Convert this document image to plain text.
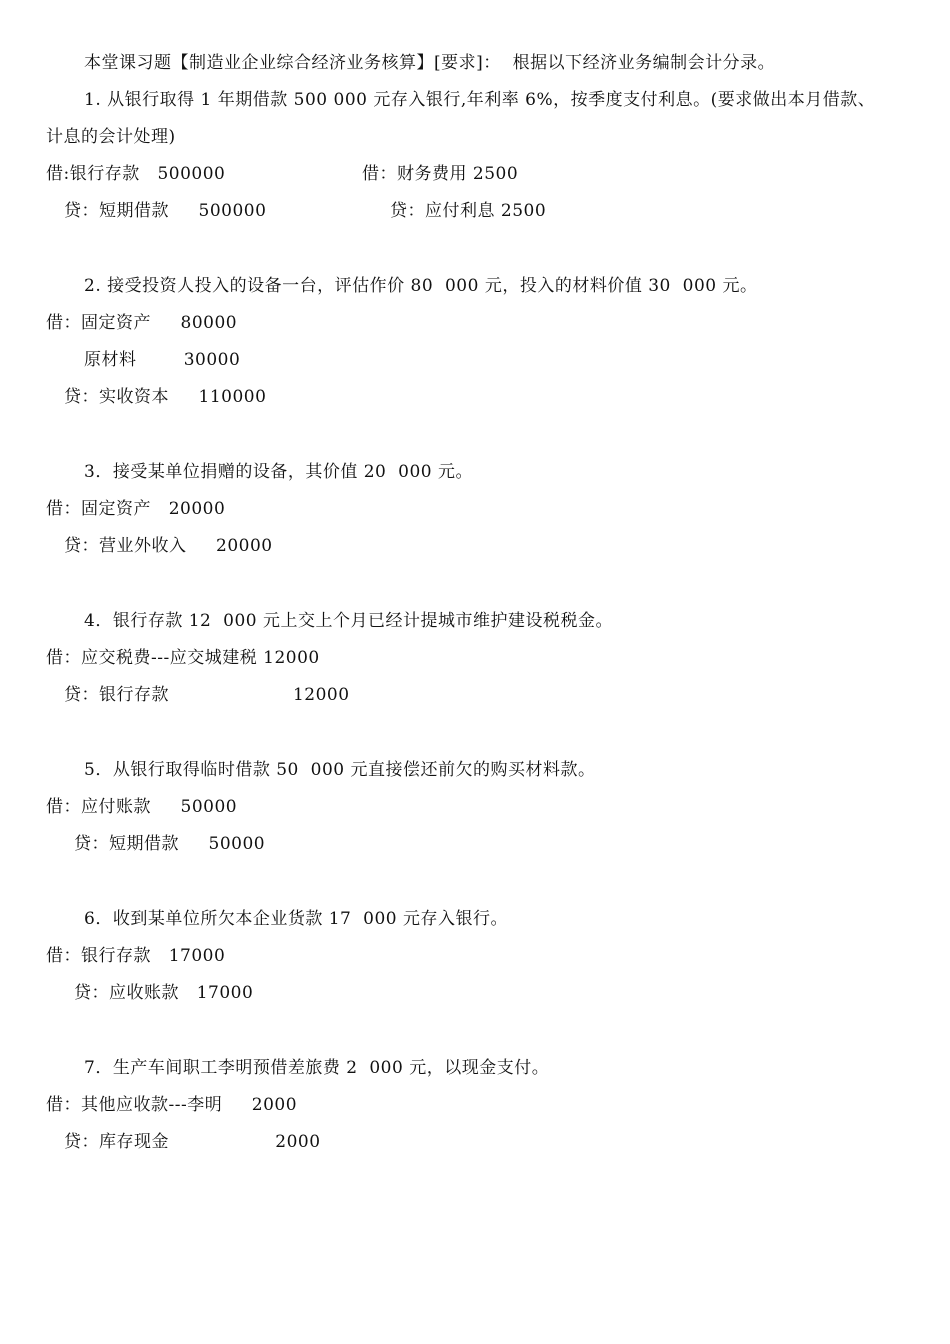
本堂课习题【制造业企业综合经济业务核算】[要求]：  根据以下经济业务编制会计分录。
1. 从银行取得 1 年期借款 500 000 元存入银行,年利率 6%，按季度支付利息。(要求做出本月借款、
计息的会计处理)
借:银行存款   500000
贷：短期借款     500000
借：财务费用 2500
贷：应付利息 2500
2. 接受投资人投入的设备一台，评估作价 80  000 元，投入的材料价值 30  000 元。
借：固定资产     80000
原材料        30000
贷：实收资本     110000
3．接受某单位捐赠的设备，其价值 20  000 元。
借：固定资产   20000
贷：营业外收入     20000
4．银行存款 12  000 元上交上个月已经计提城市维护建设税税金。
借：应交税费---应交城建税 12000
贷：银行存款                     12000
5．从银行取得临时借款 50  000 元直接偿还前欠的购买材料款。
借：应付账款     50000
贷：短期借款     50000
6．收到某单位所欠本企业货款 17  000 元存入银行。
借：银行存款   17000
贷：应收账款   17000
7．生产车间职工李明预借差旅费 2  000 元，以现金支付。
借：其他应收款---李明     2000
贷：库存现金                  2000
